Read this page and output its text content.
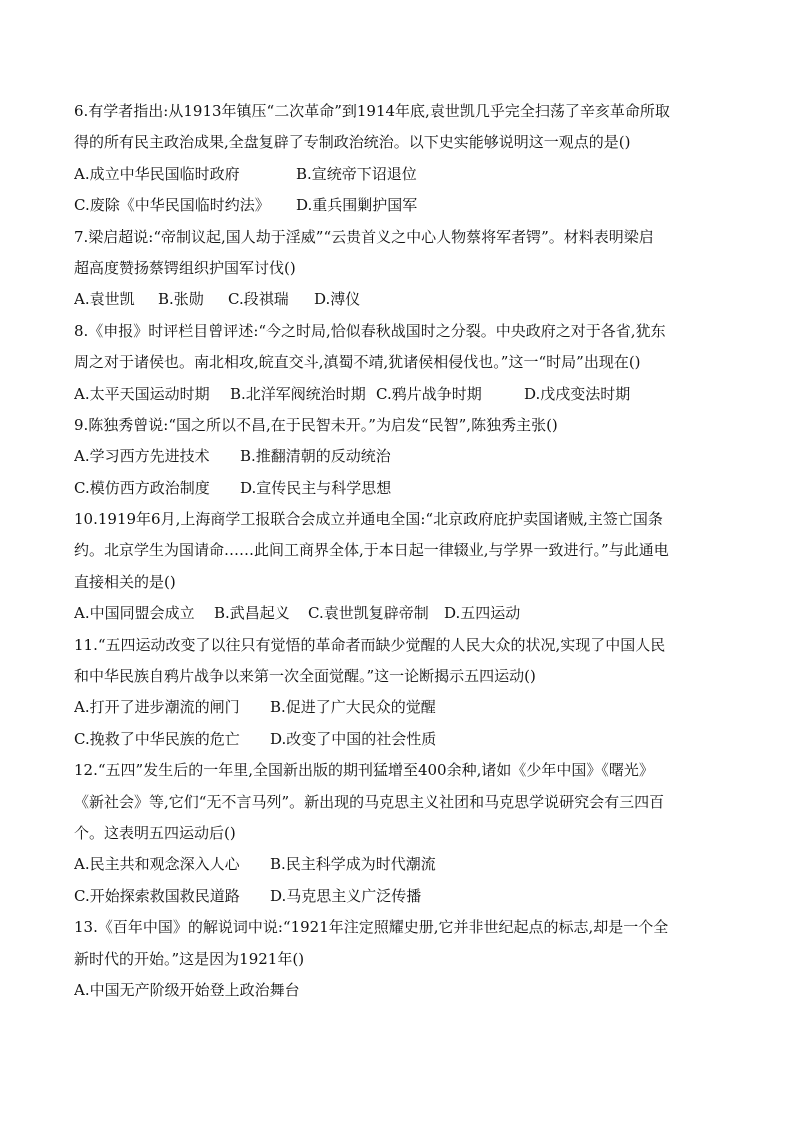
6.有学者指出:从1913年镇压“二次革命”到1914年底,袁世凯几乎完全扫荡了辛亥革命所取
得的所有民主政治成果,全盘复辟了专制政治统治。以下史实能够说明这一观点的是()
A.成立中华民国临时政府	B.宣统帝下诏退位
C.废除《中华民国临时约法》	D.重兵围剿护国军
7.梁启超说:“帝制议起,国人劫于淫威”“云贵首义之中心人物蔡将军者锷”。材料表明梁启
超高度赞扬蔡锷组织护国军讨伐()
A.袁世凯	B.张勋	C.段祺瑞	D.溥仪
8.《申报》时评栏目曾评述:“今之时局,恰似春秋战国时之分裂。中央政府之对于各省,犹东
周之对于诸侯也。南北相攻,皖直交斗,滇蜀不靖,犹诸侯相侵伐也。”这一“时局”出现在()
A.太平天国运动时期	B.北洋军阀统治时期 C.鸦片战争时期	D.戊戌变法时期
9.陈独秀曾说:“国之所以不昌,在于民智未开。”为启发“民智”,陈独秀主张()
A.学习西方先进技术	B.推翻清朝的反动统治
C.模仿西方政治制度	D.宣传民主与科学思想
10.1919年6月,上海商学工报联合会成立并通电全国:“北京政府庇护卖国诸贼,主签亡国条
约。北京学生为国请命……此间工商界全体,于本日起一律辍业,与学界一致进行。”与此通电
直接相关的是()
A.中国同盟会成立	B.武昌起义	C.袁世凯复辟帝制	D.五四运动
11.“五四运动改变了以往只有觉悟的革命者而缺少觉醒的人民大众的状况,实现了中国人民
和中华民族自鸦片战争以来第一次全面觉醒。”这一论断揭示五四运动()
A.打开了进步潮流的闸门	B.促进了广大民众的觉醒
C.挽救了中华民族的危亡	D.改变了中国的社会性质
12.“五四”发生后的一年里,全国新出版的期刊猛增至400余种,诸如《少年中国》《曙光》
《新社会》等,它们“无不言马列”。新出现的马克思主义社团和马克思学说研究会有三四百
个。这表明五四运动后()
A.民主共和观念深入人心	B.民主科学成为时代潮流
C.开始探索救国救民道路	D.马克思主义广泛传播
13.《百年中国》的解说词中说:“1921年注定照耀史册,它并非世纪起点的标志,却是一个全
新时代的开始。”这是因为1921年()
A.中国无产阶级开始登上政治舞台
